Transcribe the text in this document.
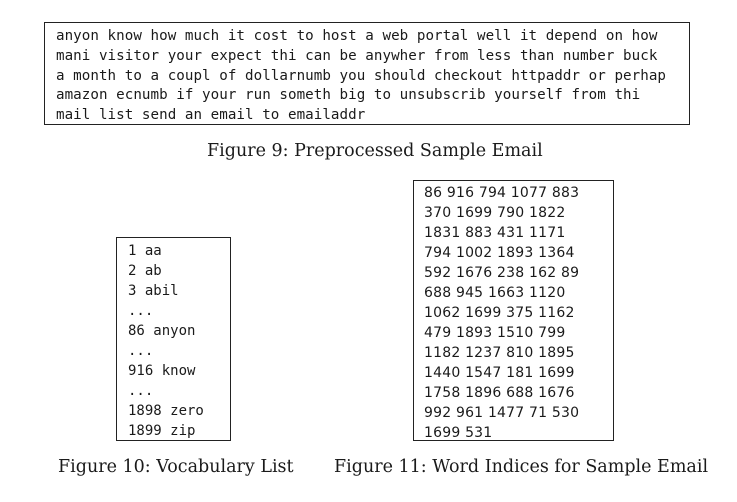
anyon know how much it cost to host a web portal well it depend on how
mani visitor your expect thi can be anywher from less than number buck
a month to a coupl of dollarnumb you should checkout httpaddr or perhap
amazon ecnumb if your run someth big to unsubscrib yourself from thi
mail list send an email to emailaddr
Figure 9: Preprocessed Sample Email
1 aa
2 ab
3 abil
...
86 anyon
...
916 know
...
1898 zero
1899 zip
Figure 10: Vocabulary List
86 916 794 1077 883
370 1699 790 1822
1831 883 431 1171
794 1002 1893 1364
592 1676 238 162 89
688 945 1663 1120
1062 1699 375 1162
479 1893 1510 799
1182 1237 810 1895
1440 1547 181 1699
1758 1896 688 1676
992 961 1477 71 530
1699 531
Figure 11: Word Indices for Sample Email
